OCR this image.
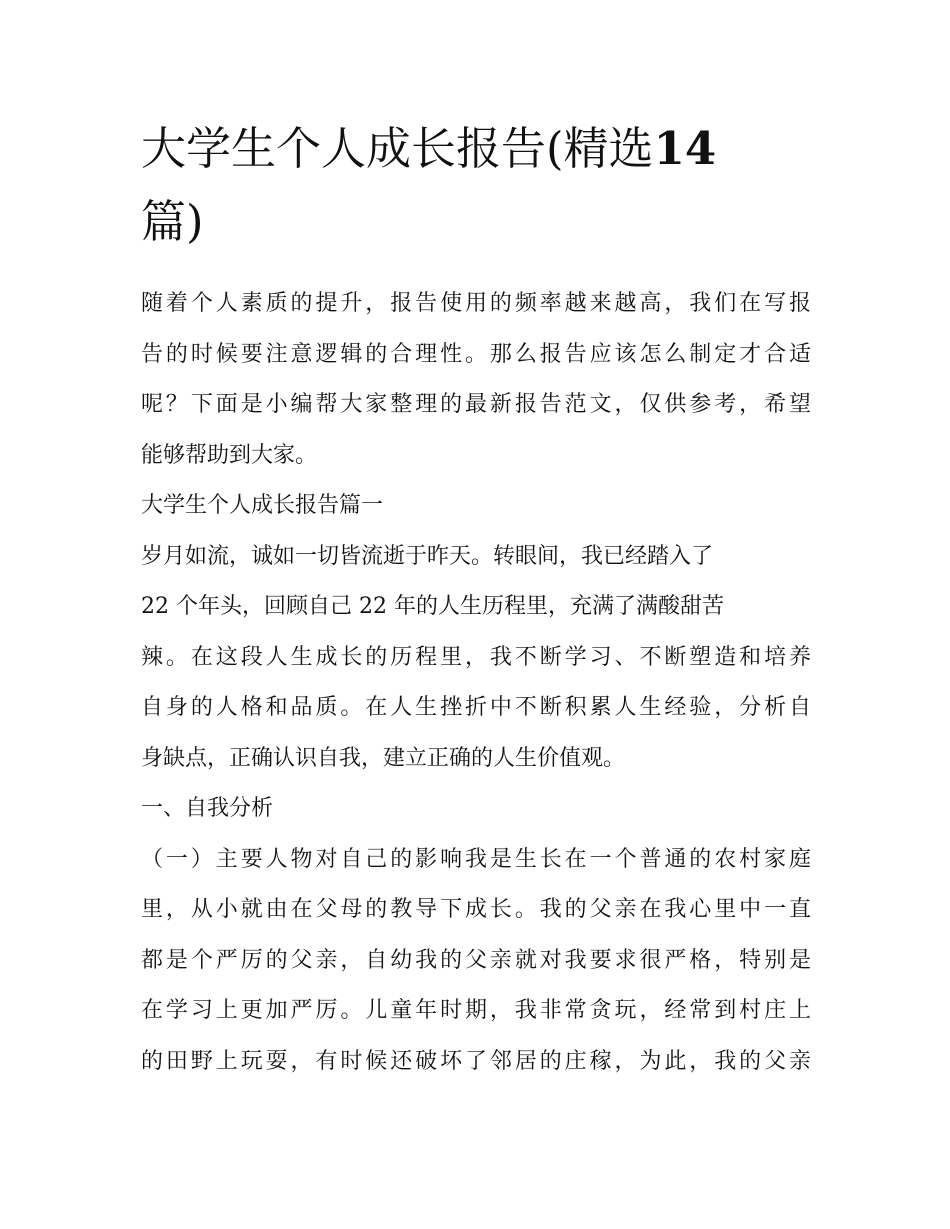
大学生个人成长报告(精选14
篇)

随着个人素质的提升，报告使用的频率越来越高，我们在写报
告的时候要注意逻辑的合理性。那么报告应该怎么制定才合适
呢？下面是小编帮大家整理的最新报告范文，仅供参考，希望
能够帮助到大家。

大学生个人成长报告篇一

岁月如流，诚如一切皆流逝于昨天。转眼间，我已经踏入了
22 个年头，回顾自己 22 年的人生历程里，充满了满酸甜苦
辣。在这段人生成长的历程里，我不断学习、不断塑造和培养
自身的人格和品质。在人生挫折中不断积累人生经验，分析自
身缺点，正确认识自我，建立正确的人生价值观。

一、自我分析

（一）主要人物对自己的影响我是生长在一个普通的农村家庭
里，从小就由在父母的教导下成长。我的父亲在我心里中一直
都是个严厉的父亲，自幼我的父亲就对我要求很严格，特别是
在学习上更加严厉。儿童年时期，我非常贪玩，经常到村庄上
的田野上玩耍，有时候还破坏了邻居的庄稼，为此，我的父亲
